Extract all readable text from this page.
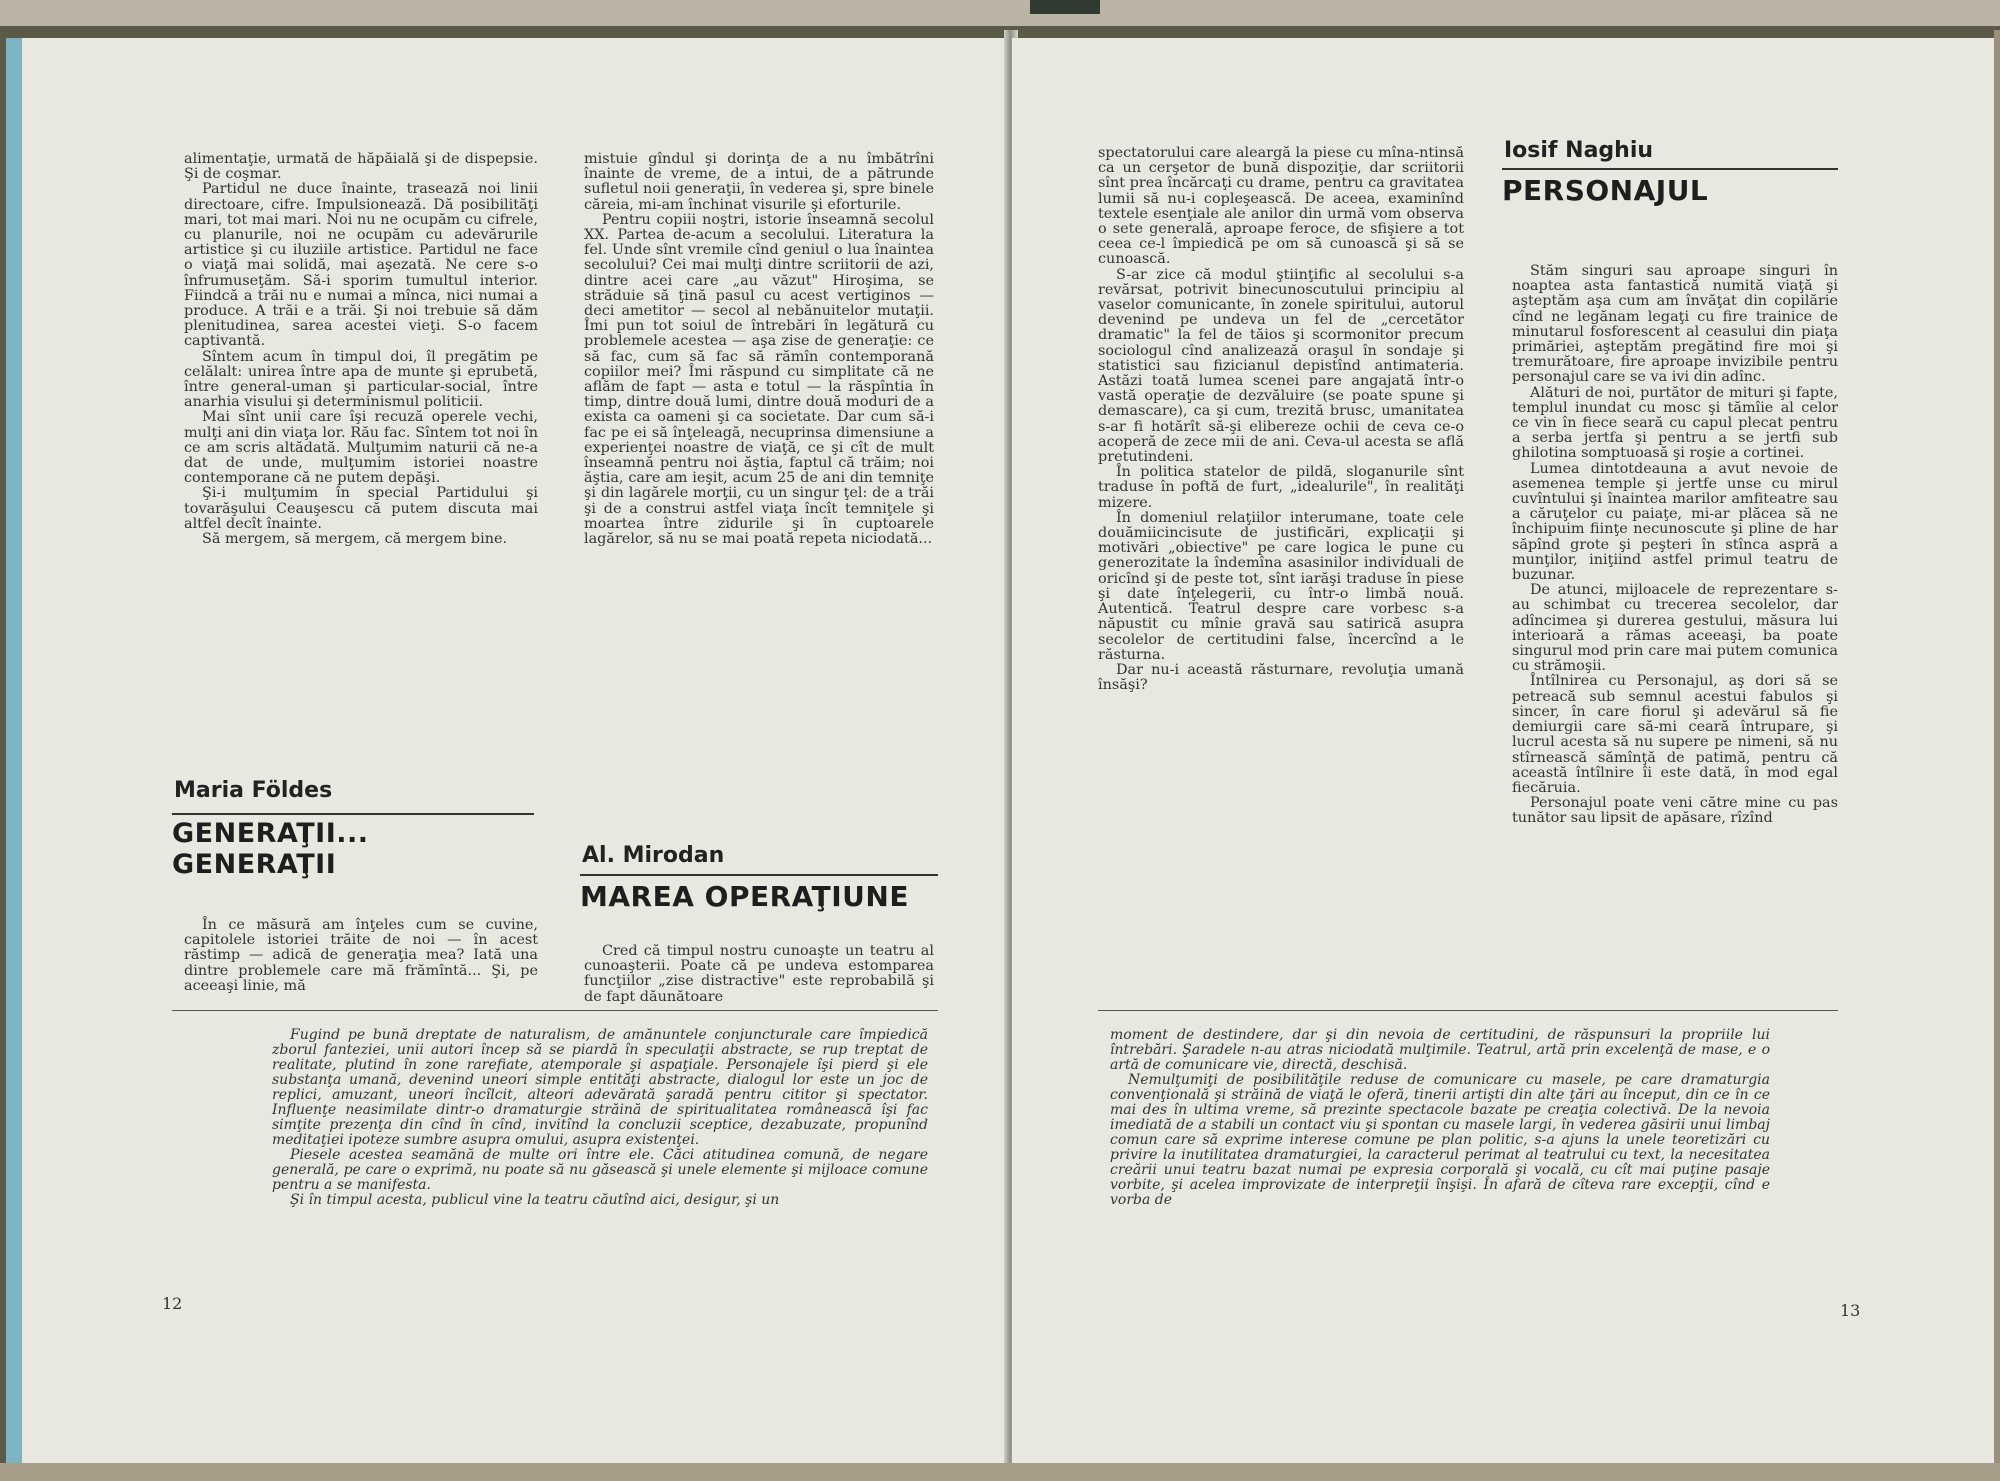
alimentaţie, urmată de hăpăială şi de dispepsie. Şi de coşmar.

Partidul ne duce înainte, trasează noi linii directoare, cifre. Impulsionează. Dă posibilităţi mari, tot mai mari. Noi nu ne ocupăm cu cifrele, cu planurile, noi ne ocupăm cu adevărurile artistice şi cu iluziile artistice. Partidul ne face o viaţă mai solidă, mai aşezată. Ne cere s-o înfrumuseţăm. Să-i sporim tumultul interior. Fiindcă a trăi nu e numai a mînca, nici numai a produce. A trăi e a trăi. Şi noi trebuie să dăm plenitudinea, sarea acestei vieţi. S-o facem captivantă.

Sîntem acum în timpul doi, îl pregătim pe celălalt: unirea între apa de munte şi eprubetă, între general-uman şi particular-social, între anarhia visului şi determinismul politicii.

Mai sînt unii care îşi recuză operele vechi, mulţi ani din viaţa lor. Rău fac. Sîntem tot noi în ce am scris altădată. Mulţumim naturii că ne-a dat de unde, mulţumim istoriei noastre contemporane că ne putem depăşi.

Şi-i mulţumim în special Partidului şi tovarăşului Ceauşescu că putem discuta mai altfel decît înainte.

Să mergem, să mergem, că mergem bine.

mistuie gîndul şi dorinţa de a nu îmbătrîni înainte de vreme, de a intui, de a pătrunde sufletul noii generaţii, în vederea şi, spre binele căreia, mi-am închinat visurile şi eforturile.

Pentru copiii noştri, istorie înseamnă secolul XX. Partea de-acum a secolului. Literatura la fel. Unde sînt vremile cînd geniul o lua înaintea secolului? Cei mai mulţi dintre scriitorii de azi, dintre acei care „au văzut" Hiroşima, se străduie să ţină pasul cu acest vertiginos — deci ametitor — secol al nebănuitelor mutaţii. Îmi pun tot soiul de întrebări în legătură cu problemele acestea — aşa zise de generaţie: ce să fac, cum să fac să rămîn contemporană copiilor mei? Îmi răspund cu simplitate că ne aflăm de fapt — asta e totul — la răspîntia în timp, dintre două lumi, dintre două moduri de a exista ca oameni şi ca societate. Dar cum să-i fac pe ei să înţeleagă, necuprinsa dimensiune a experienţei noastre de viaţă, ce şi cît de mult înseamnă pentru noi ăştia, faptul că trăim; noi ăştia, care am ieşit, acum 25 de ani din temniţe şi din lagărele morţii, cu un singur ţel: de a trăi şi de a construi astfel viaţa încît temniţele şi moartea între zidurile şi în cuptoarele lagărelor, să nu se mai poată repeta niciodată...

Maria Földes
GENERAŢII...
GENERAŢII

În ce măsură am înţeles cum se cuvine, capitolele istoriei trăite de noi — în acest răstimp — adică de generaţia mea? Iată una dintre problemele care mă frămîntă... Şi, pe aceeaşi linie, mă

Al. Mirodan
MAREA OPERAŢIUNE

Cred că timpul nostru cunoaşte un teatru al cunoaşterii. Poate că pe undeva estomparea funcţiilor „zise distractive" este reprobabilă şi de fapt dăunătoare

Fugind pe bună dreptate de naturalism, de amănuntele conjuncturale care împiedică zborul fanteziei, unii autori încep să se piardă în speculaţii abstracte, se rup treptat de realitate, plutind în zone rarefiate, atemporale şi aspaţiale. Personajele îşi pierd şi ele substanţa umană, devenind uneori simple entităţi abstracte, dialogul lor este un joc de replici, amuzant, uneori încîlcit, alteori adevărată şaradă pentru cititor şi spectator. Influenţe neasimilate dintr-o dramaturgie străină de spiritualitatea românească îşi fac simţite prezenţa din cînd în cînd, invitînd la concluzii sceptice, dezabuzate, propunînd meditaţiei ipoteze sumbre asupra omului, asupra existenţei.

Piesele acestea seamănă de multe ori între ele. Căci atitudinea comună, de negare generală, pe care o exprimă, nu poate să nu găsească şi unele elemente şi mijloace comune pentru a se manifesta.

Şi în timpul acesta, publicul vine la teatru căutînd aici, desigur, şi un

12

spectatorului care aleargă la piese cu mîna-ntinsă ca un cerşetor de bună dispoziţie, dar scriitorii sînt prea încărcaţi cu drame, pentru ca gravitatea lumii să nu-i copleşească. De aceea, examinînd textele esenţiale ale anilor din urmă vom observa o sete generală, aproape feroce, de sfişiere a tot ceea ce-l împiedică pe om să cunoască şi să se cunoască.

S-ar zice că modul ştiinţific al secolului s-a revărsat, potrivit binecunoscutului principiu al vaselor comunicante, în zonele spiritului, autorul devenind pe undeva un fel de „cercetător dramatic" la fel de tăios şi scormonitor precum sociologul cînd analizează oraşul în sondaje şi statistici sau fizicianul depistînd antimateria. Astăzi toată lumea scenei pare angajată într-o vastă operaţie de dezvăluire (se poate spune şi demascare), ca şi cum, trezită brusc, umanitatea s-ar fi hotărît să-şi elibereze ochii de ceva ce-o acoperă de zece mii de ani. Ceva-ul acesta se află pretutindeni.

În politica statelor de pildă, sloganurile sînt traduse în poftă de furt, „idealurile", în realităţi mizere.

În domeniul relaţiilor interumane, toate cele douămiicincisute de justificări, explicaţii şi motivări „obiective" pe care logica le pune cu generozitate la îndemîna asasinilor individuali de oricînd şi de peste tot, sînt iarăşi traduse în piese şi date înţelegerii, cu într-o limbă nouă. Autentică. Teatrul despre care vorbesc s-a năpustit cu mînie gravă sau satirică asupra secolelor de certitudini false, încercînd a le răsturna.

Dar nu-i această răsturnare, revoluţia umană însăşi?

Iosif Naghiu
PERSONAJUL

Stăm singuri sau aproape singuri în noaptea asta fantastică numită viaţă şi aşteptăm aşa cum am învăţat din copilărie cînd ne legănam legaţi cu fire trainice de minutarul fosforescent al ceasului din piaţa primăriei, aşteptăm pregătind fire moi şi tremurătoare, fire aproape invizibile pentru personajul care se va ivi din adînc.

Alături de noi, purtător de mituri şi fapte, templul inundat cu mosc şi tămîie al celor ce vin în fiece seară cu capul plecat pentru a serba jertfa şi pentru a se jertfi sub ghilotina somptuoasă şi roşie a cortinei.

Lumea dintotdeauna a avut nevoie de asemenea temple şi jertfe unse cu mirul cuvîntului şi înaintea marilor amfiteatre sau a căruţelor cu paiaţe, mi-ar plăcea să ne închipuim fiinţe necunoscute şi pline de har săpînd grote şi peşteri în stînca aspră a munţilor, iniţiind astfel primul teatru de buzunar.

De atunci, mijloacele de reprezentare s-au schimbat cu trecerea secolelor, dar adîncimea şi durerea gestului, măsura lui interioară a rămas aceeaşi, ba poate singurul mod prin care mai putem comunica cu strămoşii.

Întîlnirea cu Personajul, aş dori să se petreacă sub semnul acestui fabulos şi sincer, în care fiorul şi adevărul să fie demiurgii care să-mi ceară întrupare, şi lucrul acesta să nu supere pe nimeni, să nu stîrnească sămînţă de patimă, pentru că această întîlnire îi este dată, în mod egal fiecăruia.

Personajul poate veni către mine cu pas tunător sau lipsit de apăsare, rîzînd

moment de destindere, dar şi din nevoia de certitudini, de răspunsuri la propriile lui întrebări. Şaradele n-au atras niciodată mulţimile. Teatrul, artă prin excelenţă de mase, e o artă de comunicare vie, directă, deschisă.

Nemulţumiţi de posibilităţile reduse de comunicare cu masele, pe care dramaturgia convenţională şi străină de viaţă le oferă, tinerii artişti din alte ţări au început, din ce în ce mai des în ultima vreme, să prezinte spectacole bazate pe creaţia colectivă. De la nevoia imediată de a stabili un contact viu şi spontan cu masele largi, în vederea găsirii unui limbaj comun care să exprime interese comune pe plan politic, s-a ajuns la unele teoretizări cu privire la inutilitatea dramaturgiei, la caracterul perimat al teatrului cu text, la necesitatea creării unui teatru bazat numai pe expresia corporală şi vocală, cu cît mai puţine pasaje vorbite, şi acelea improvizate de interpreţii înşişi. În afară de cîteva rare excepţii, cînd e vorba de

13
